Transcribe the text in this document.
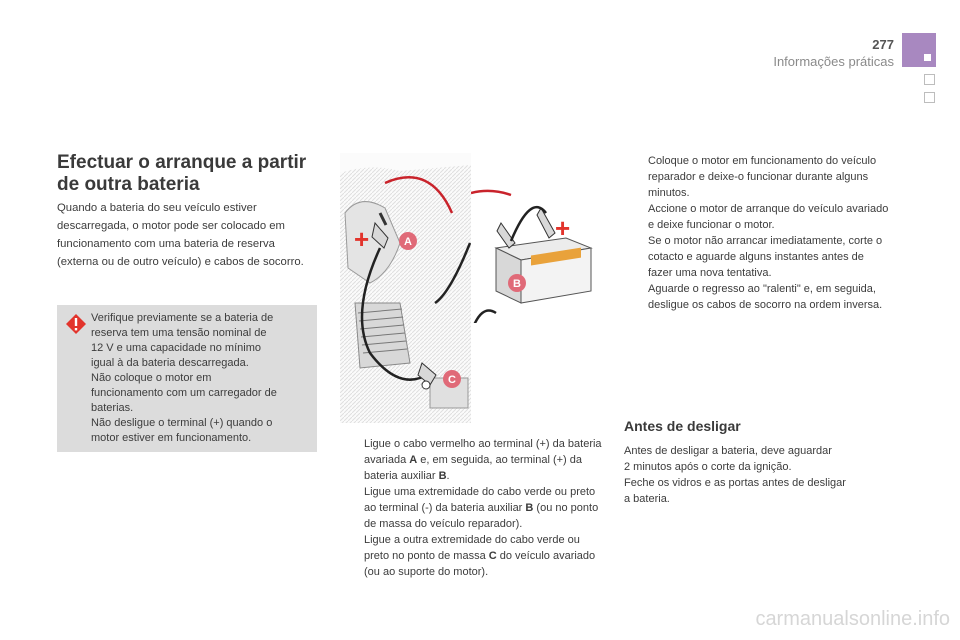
277
Informações práticas
Efectuar o arranque a partir de outra bateria

Quando a bateria do seu veículo estiver descarregada, o motor pode ser colocado em funcionamento com uma bateria de reserva (externa ou de outro veículo) e cabos de socorro.

Verifique previamente se a bateria de
reserva tem uma tensão nominal de
12 V e uma capacidade no mínimo
igual à da bateria descarregada.
Não coloque o motor em
funcionamento com um carregador de
baterias.
Não desligue o terminal (+) quando o
motor estiver em funcionamento.

+	A
C
+
B
Ligue o cabo vermelho ao terminal (+) da bateria avariada A e, em seguida, ao terminal (+) da bateria auxiliar B.
Ligue uma extremidade do cabo verde ou preto ao terminal (-) da bateria auxiliar B (ou no ponto de massa do veículo reparador).
Ligue a outra extremidade do cabo verde ou preto no ponto de massa C do veículo avariado (ou ao suporte do motor).
Coloque o motor em funcionamento do veículo reparador e deixe-o funcionar durante alguns minutos.
Accione o motor de arranque do veículo avariado e deixe funcionar o motor.
Se o motor não arrancar imediatamente, corte o cotacto e aguarde alguns instantes antes de fazer uma nova tentativa.
Aguarde o regresso ao "ralenti" e, em seguida, desligue os cabos de socorro na ordem inversa.
Antes de desligar

Antes de desligar a bateria, deve aguardar
2 minutos após o corte da ignição.
Feche os vidros e as portas antes de desligar
a bateria.

carmanualsonline.info
